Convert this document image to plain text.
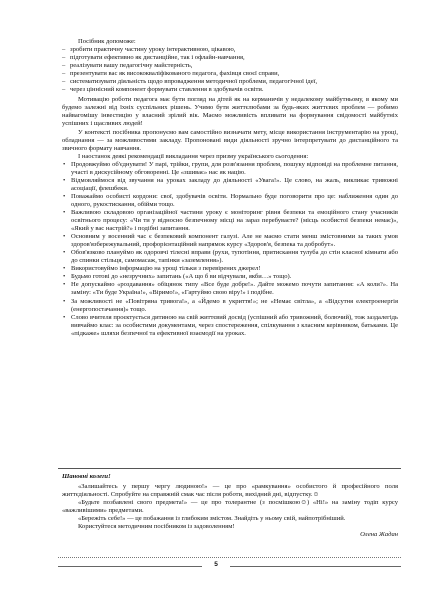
Посібник допоможе:

– зробити практичну частину уроку інтерактивною, цікавою,
– підготувати ефективно як дистанційне, так і офлайн-навчання,
– реалізувати вашу педагогічну майстерність,
– презентувати вас як висококваліфікованого педагога, фахівця своєї справи,
– систематизувати діяльність щодо впровадження методичної проблеми, педагогічної ідеї,
– через ціннісний компонент формувати ставлення в здобувачів освіти.

Мотивацію роботи педагога має бути погляд на дітей як на керманичів у недалекому майбутньому, в якому ми будемо залежні від їхніх суспільних рішень. Учимо бути життєлюбами за будь-яких життєвих проблем — робимо найвагомішу інвестицію у власний зрілий вік. Маємо можливість впливати на формування свідомості майбутніх успішних і щасливих людей!

У контексті посібника пропонуємо вам самостійно визначати мету, місце використання інструментарію на уроці, обладнання — за можливостями закладу. Пропоновані види діяльності зручно інтерпретувати до дистанційного та звичного формату навчання.

І наостанок деякі рекомендації викладання через призму українського сьогодення:

• Продовжуймо об'єднувати! У парі, трійки, групи, для розв'язання проблем, пошуку відповіді на проблемне питання, участі в дискусійному обговоренні. Це «зшиває» нас як націю.
• Відмовляймося від звучання на уроках закладу до діяльності «Увага!». Це слово, на жаль, викликає тривожні асоціації, флешбеки.
• Поважаймо особисті кордони: свої, здобувачів освіти. Нормально буде поговорити про це: наближення один до одного, рукостискання, обійми тощо.
• Важливою складовою організаційної частини уроку є моніторинг рівня безпеки та емоційного стану учасників освітнього процесу: «Чи ти у відносно безпечному місці на зараз перебуваєте? (місць особистої безпеки немає)», «Який у вас настрій?» і подібні запитання.
• Основним у восенний час є безпековий компонент галузі. Але не маємо стати менш змістовними за таких умов здоров'язбережувальний, профорієнтаційний напрямок курсу «Здоров'я, безпека та добробут».
• Обов'язково плануймо як одоровчі тілесні вправи (рухи, тупотіння, притискання тулуба до стін класної кімнати або до спинки стільця, самомасаж, тапінки «заземлення»).
• Використовуймо інформацію на уроці тільки з перевірених джерел!
• Будьмо готові до «незручних» запитань («А що б ви відчували, якби…» тощо).
• Не допускаймо «роздавання» обіцянок типу «Все буде добре!». Дайте можемо почути запитання: «А коли?». На заміну: «Ти буде Україна!», «Віримо!», «Гартуймо свою віру!» і подібне.
• За можливості не «Повітряна тривога!», а «Йдемо в укриття!»; не «Немає світла», а «Відсутня електроенергія (енергопостачання)» тощо.
• Слово вчителя проєктується дитиною на свій життєвий досвід (успішний або тривожний, болючий), тож заздалегідь вивчаймо клас: за особистими документами, через спостереження, спілкування з класним керівником, батьками. Це «підкаже» шляхи безпечної та ефективної взаємодії на уроках.

Шановні колеги!

«Залишайтесь у першу чергу людиною!» — це про «рамкування» особистого й професійного поля життєдіяльності. Спробуйте на справжній смак час після роботи, вихідний дні, відпустку.☺

«Будьте позбавлені свого предмета!» — це про толерантне (з посмішкою☺) «Ні!» на заміну тодіп курсу «важливішими» предметами.

«Бережіть себе!» — це побажання із глибоким змістом. Знайдіть у ньому свій, найпотрібніший.

Користуйтеся методичним посібником із задоволенням!

Олена Жадан

5
